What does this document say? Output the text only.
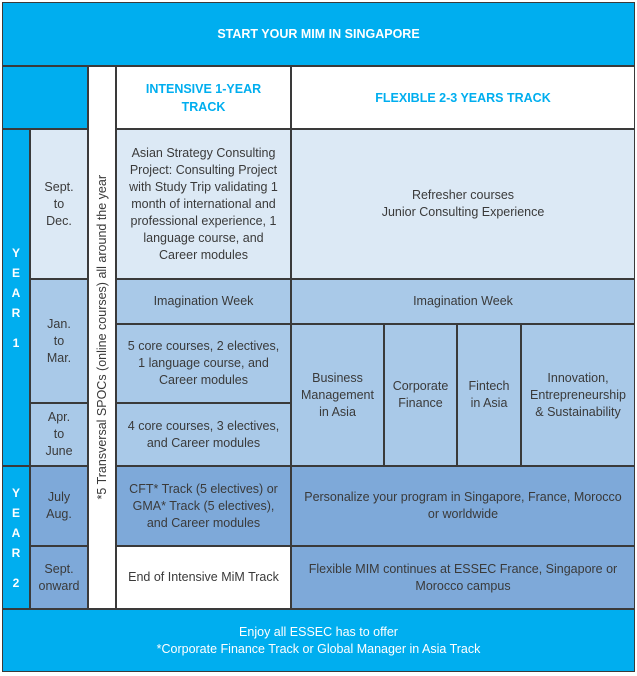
START YOUR MIM IN SINGAPORE
*5 Transversal SPOCs (online courses) all around the year
INTENSIVE 1-YEAR TRACK
FLEXIBLE 2-3 YEARS TRACK
Y
E
A
R
1
Y
E
A
R
2
Sept. to Dec.
Jan. to Mar.
Apr. to June
July Aug.
Sept. onward
Asian Strategy Consulting Project: Consulting Project with Study Trip validating 1 month of international and professional experience, 1 language course, and Career modules
Imagination Week
5 core courses, 2 electives, 1 language course, and Career modules
4 core courses, 3 electives, and Career modules
CFT* Track (5 electives) or GMA* Track (5 electives), and Career modules
End of Intensive MiM Track
Refresher courses
Junior Consulting Experience
Imagination Week
Business Management in Asia
Corporate Finance
Fintech in Asia
Innovation, Entrepreneurship & Sustainability
Personalize your program in Singapore, France, Morocco or worldwide
Flexible MIM continues at ESSEC France, Singapore or Morocco campus
Enjoy all ESSEC has to offer
*Corporate Finance Track or Global Manager in Asia Track
